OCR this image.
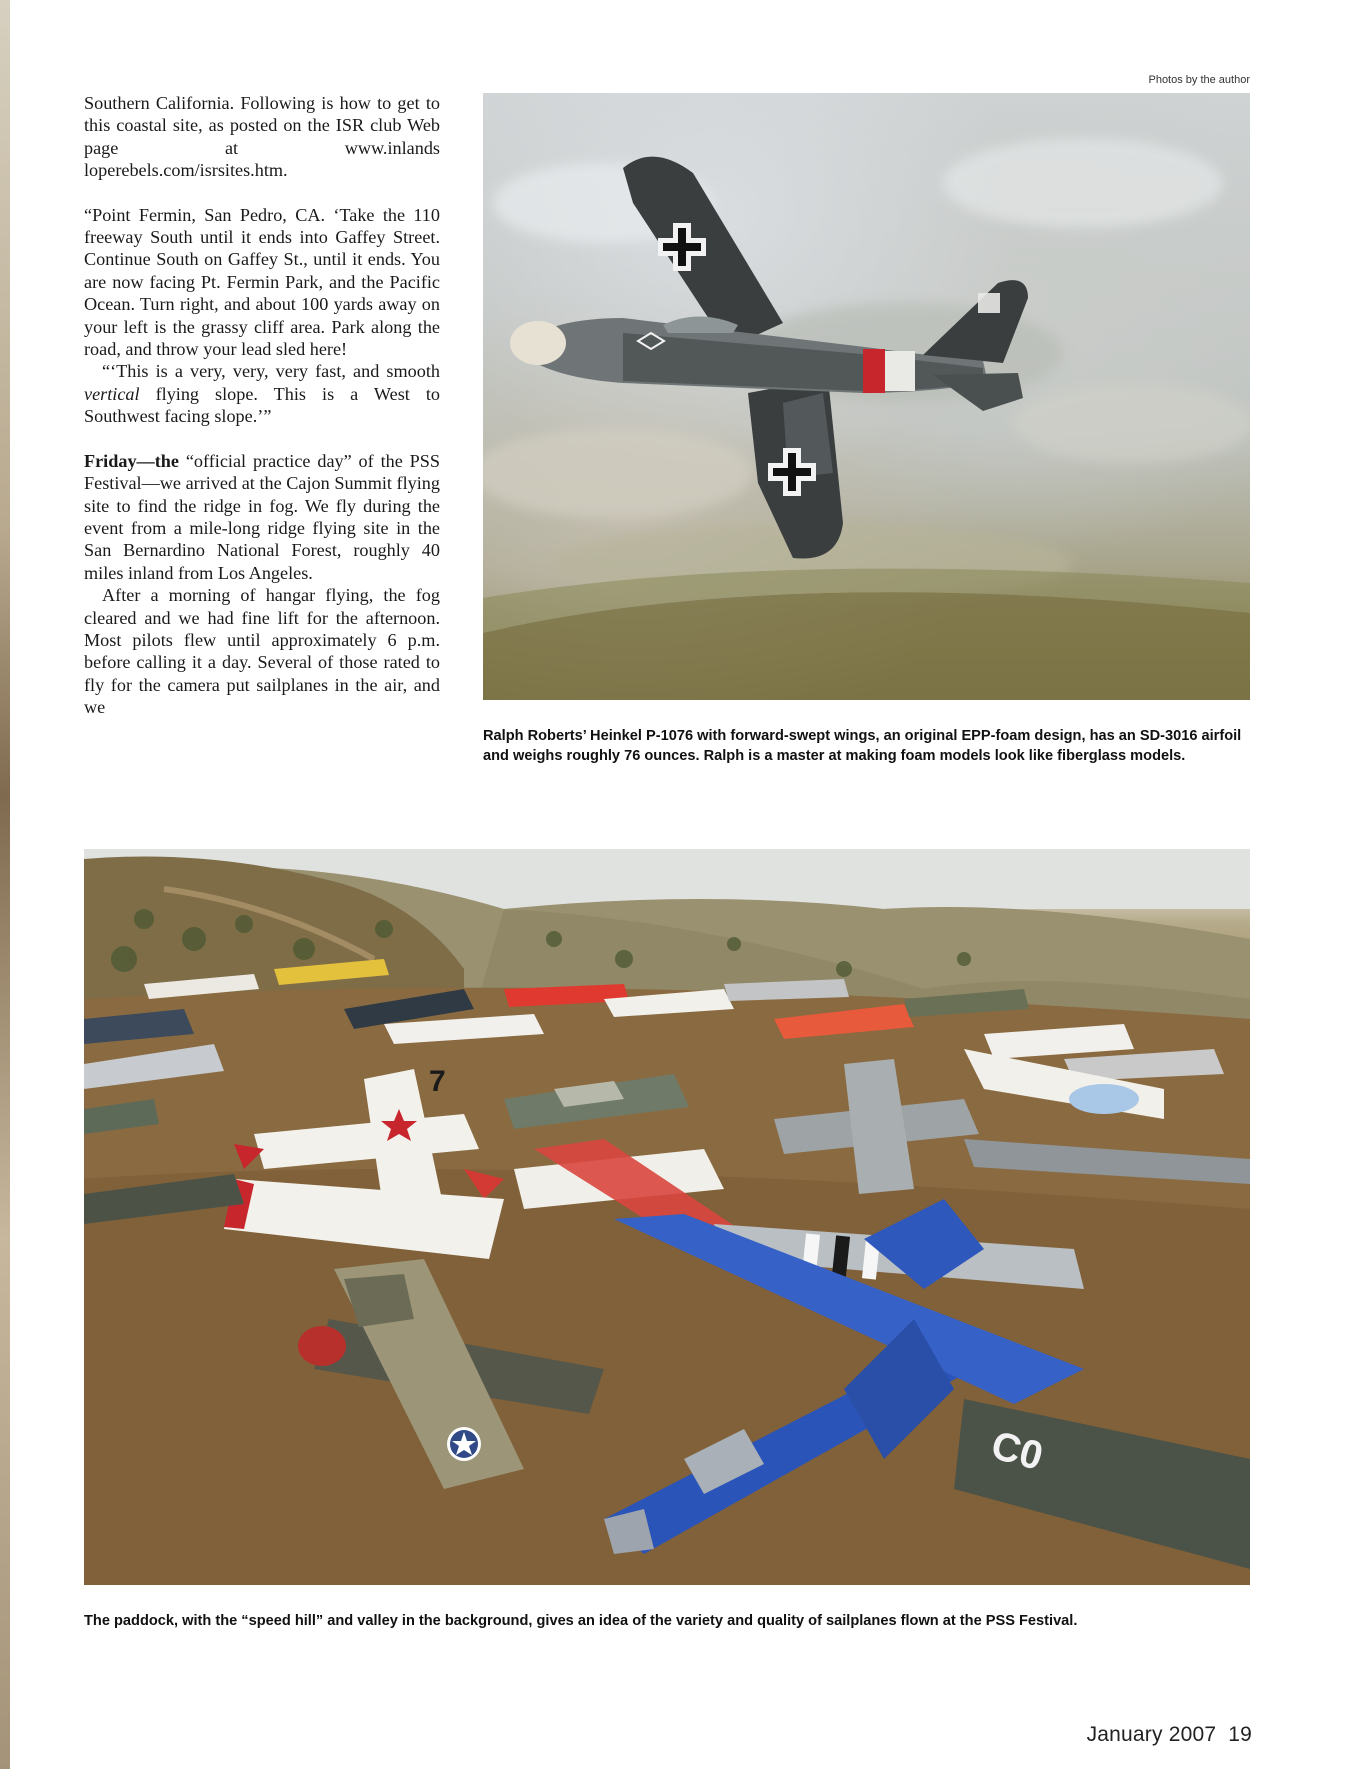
Southern California. Following is how to get to this coastal site, as posted on the ISR club Web page at www.inlands loperebels.com/isrsites.htm.

“Point Fermin, San Pedro, CA. ‘Take the 110 freeway South until it ends into Gaffey Street. Continue South on Gaffey St., until it ends. You are now facing Pt. Fermin Park, and the Pacific Ocean. Turn right, and about 100 yards away on your left is the grassy cliff area. Park along the road, and throw your lead sled here!

“‘This is a very, very, very fast, and smooth vertical flying slope. This is a West to Southwest facing slope.’”

Friday—the “official practice day” of the PSS Festival—we arrived at the Cajon Summit flying site to find the ridge in fog. We fly during the event from a mile-long ridge flying site in the San Bernardino National Forest, roughly 40 miles inland from Los Angeles.

After a morning of hangar flying, the fog cleared and we had fine lift for the afternoon. Most pilots flew until approximately 6 p.m. before calling it a day. Several of those rated to fly for the camera put sailplanes in the air, and we

Photos by the author
Ralph Roberts’ Heinkel P-1076 with forward-swept wings, an original EPP-foam design, has an SD-3016 airfoil and weighs roughly 76 ounces. Ralph is a master at making foam models look like fiberglass models.
7
C0
The paddock, with the “speed hill” and valley in the background, gives an idea of the variety and quality of sailplanes flown at the PSS Festival.
January 2007 19
